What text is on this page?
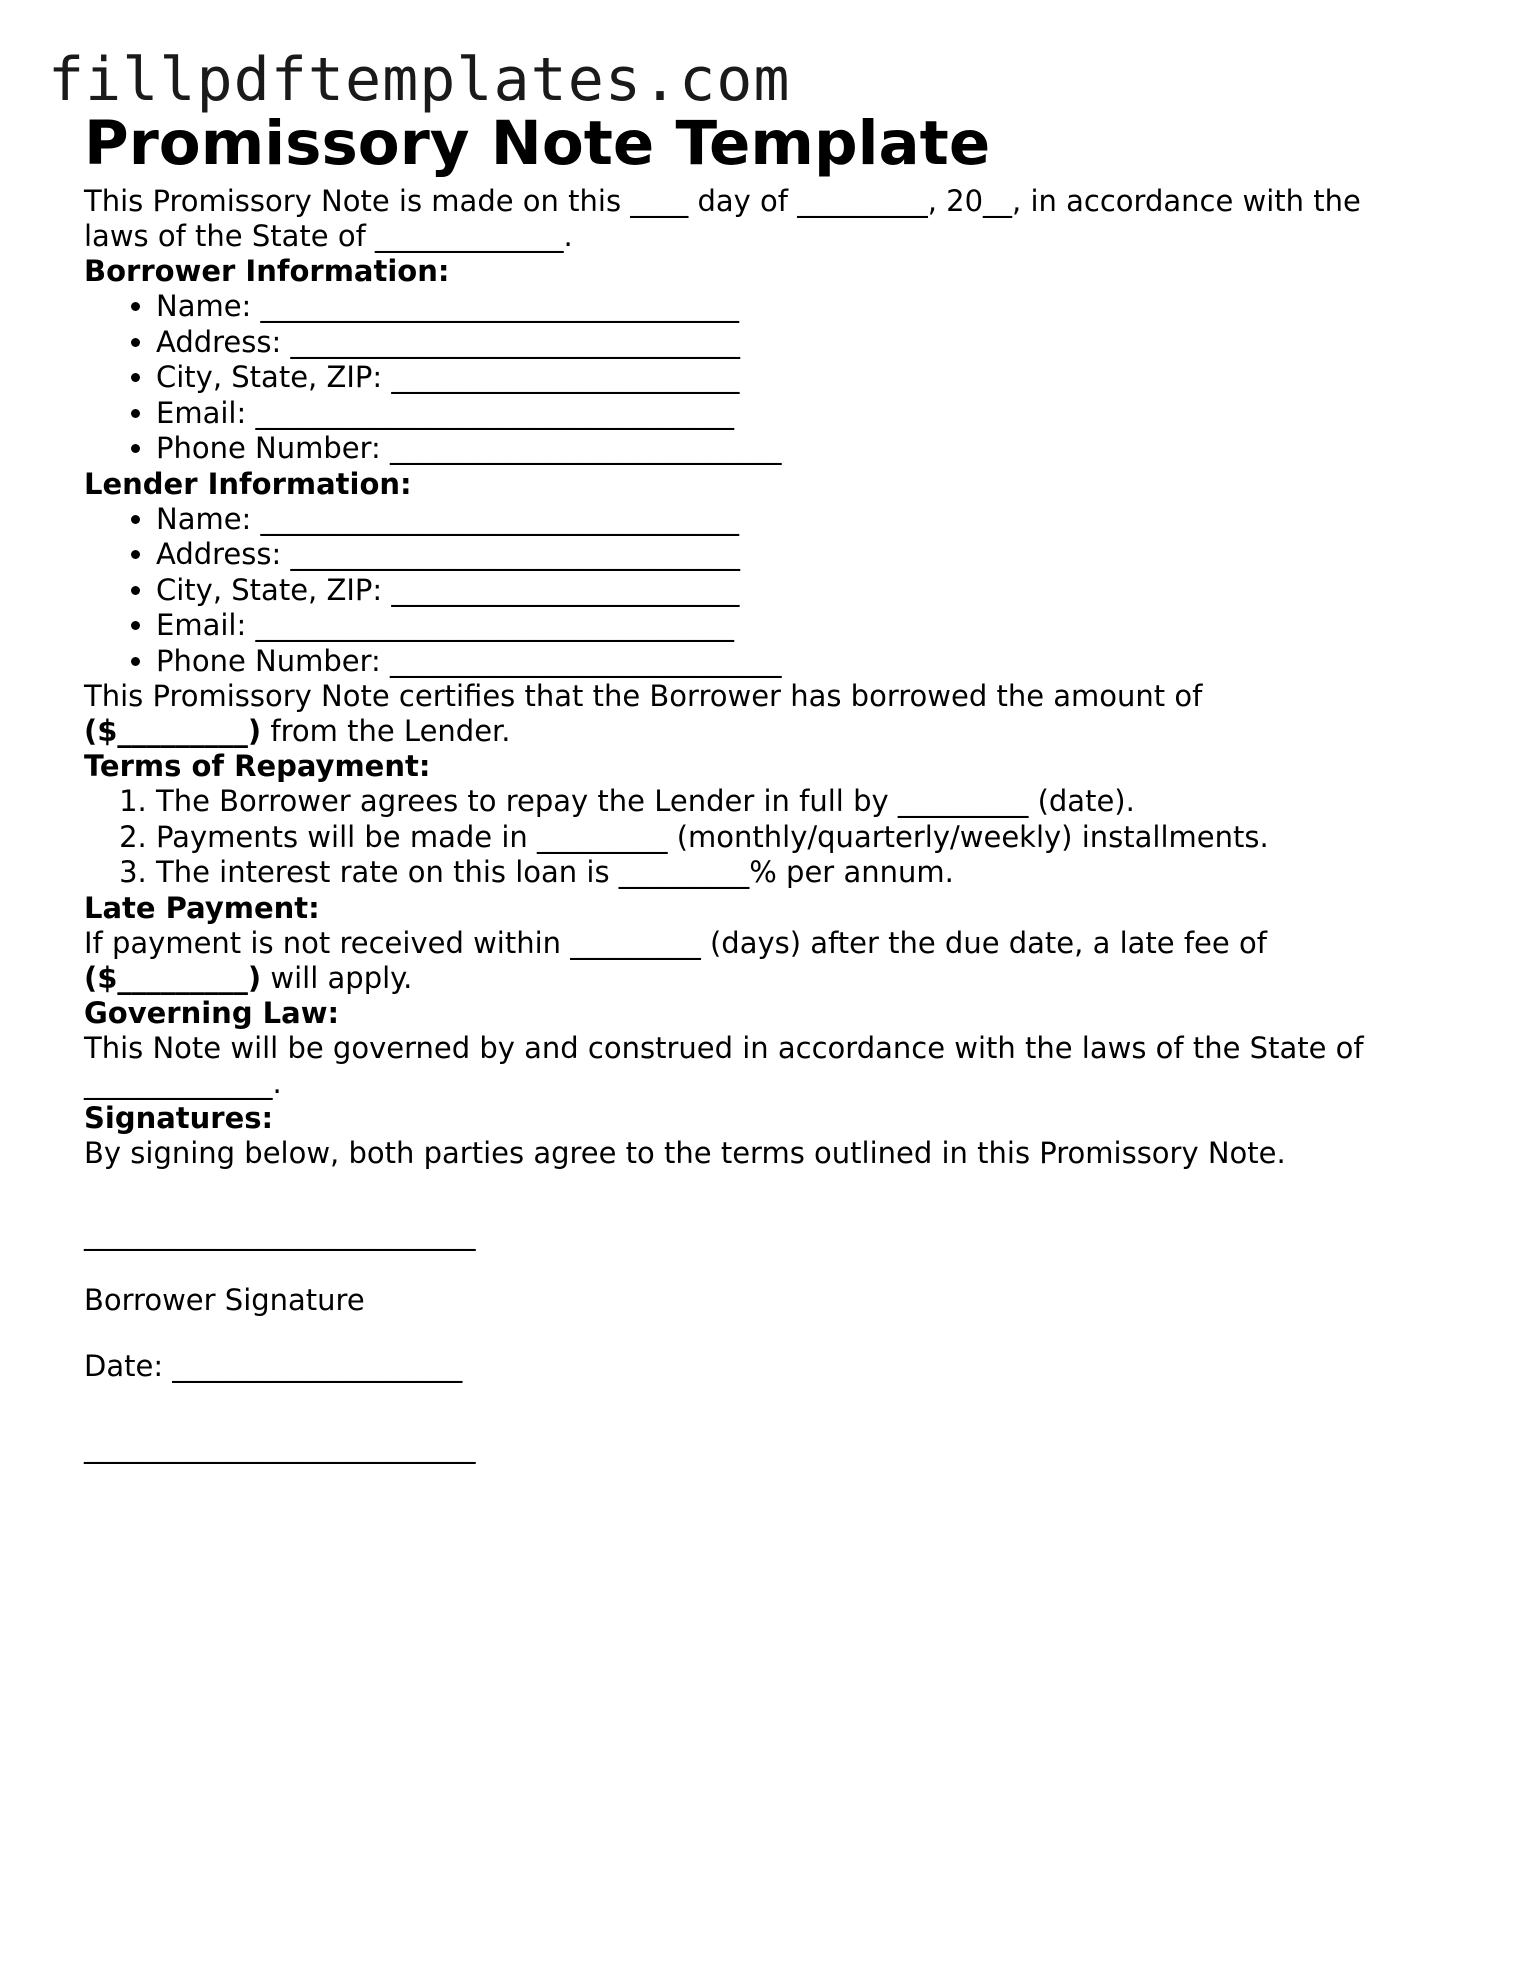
fillpdftemplates.com
Promissory Note Template

This Promissory Note is made on this ____ day of _________, 20__, in accordance with the
laws of the State of _____________.

Borrower Information:
• Name: _________________________________
• Address: _______________________________
• City, State, ZIP: ________________________
• Email: _________________________________
• Phone Number: ___________________________
Lender Information:
• Name: _________________________________
• Address: _______________________________
• City, State, ZIP: ________________________
• Email: _________________________________
• Phone Number: ___________________________

This Promissory Note certifies that the Borrower has borrowed the amount of
($_________) from the Lender.

Terms of Repayment:
1. The Borrower agrees to repay the Lender in full by _________ (date).
2. Payments will be made in _________ (monthly/quarterly/weekly) installments.
3. The interest rate on this loan is _________% per annum.
Late Payment:

If payment is not received within _________ (days) after the due date, a late fee of
($_________) will apply.

Governing Law:

This Note will be governed by and construed in accordance with the laws of the State of
_____________.

Signatures:

By signing below, both parties agree to the terms outlined in this Promissory Note.

___________________________
Borrower Signature
Date: ____________________
___________________________
